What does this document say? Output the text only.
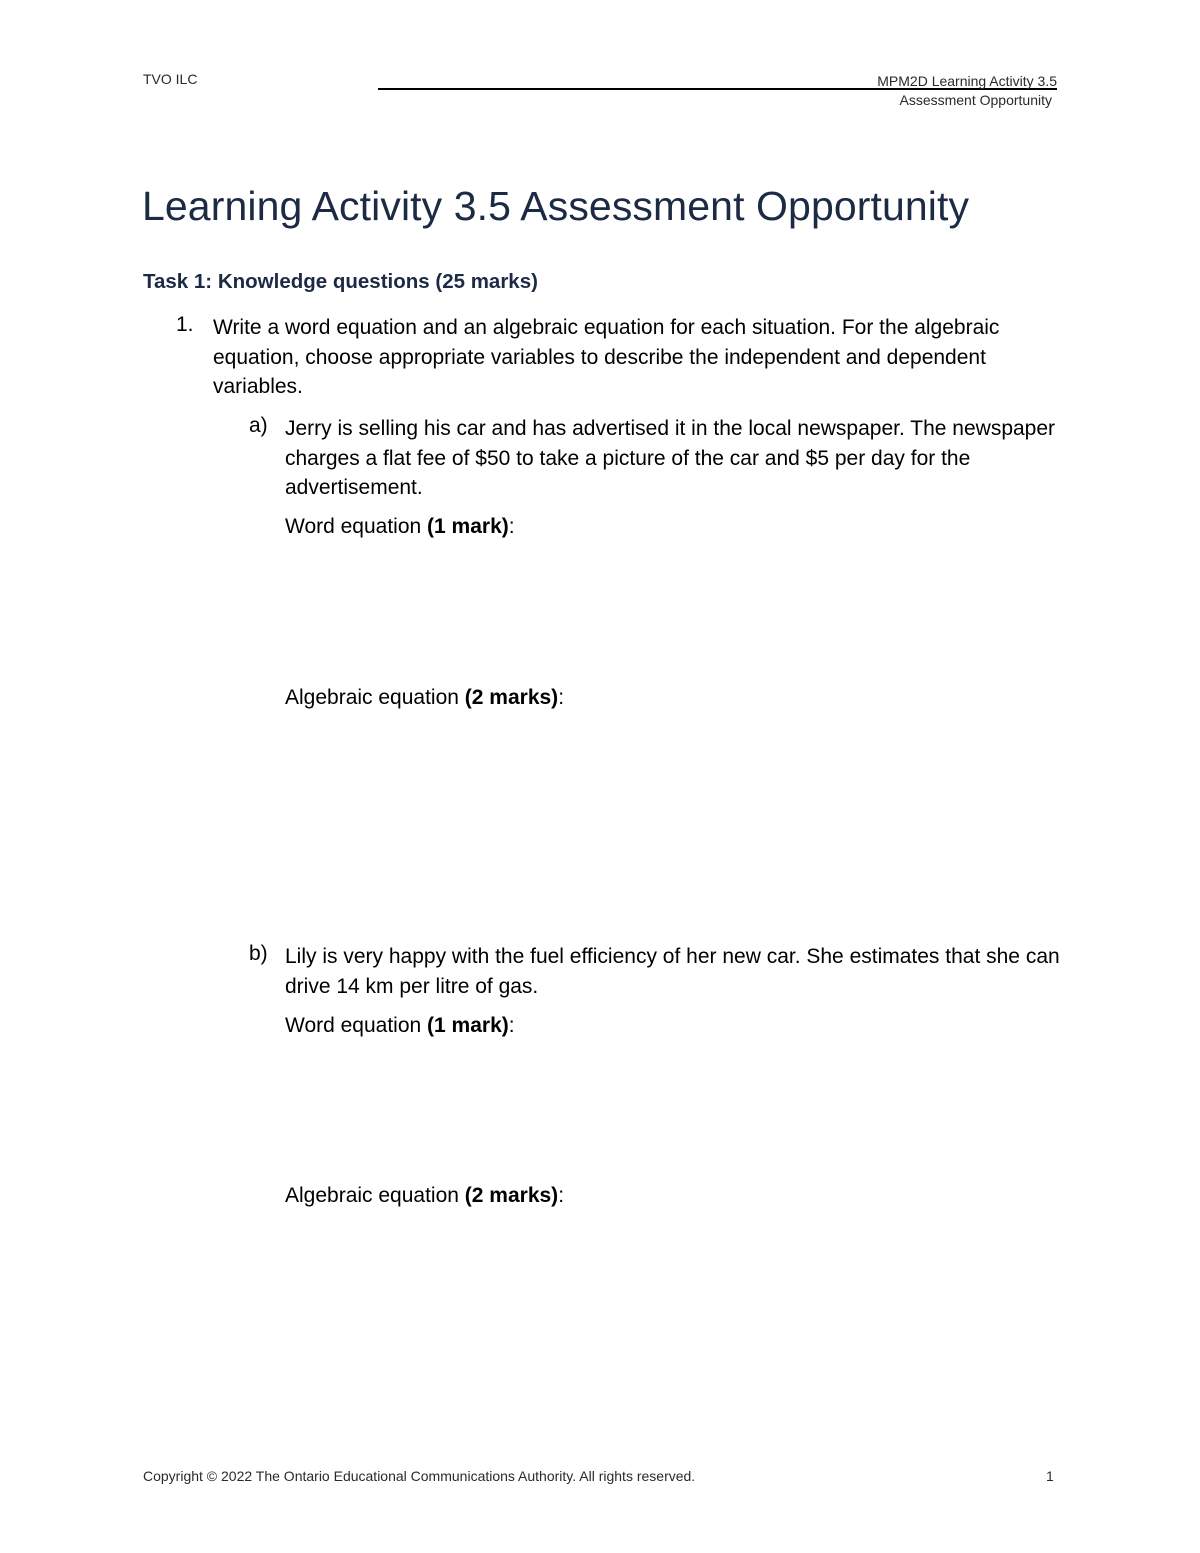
TVO ILC	MPM2D Learning Activity 3.5
Assessment Opportunity
Learning Activity 3.5 Assessment Opportunity
Task 1: Knowledge questions (25 marks)
1. Write a word equation and an algebraic equation for each situation. For the algebraic equation, choose appropriate variables to describe the independent and dependent variables.
a) Jerry is selling his car and has advertised it in the local newspaper. The newspaper charges a flat fee of $50 to take a picture of the car and $5 per day for the advertisement.
Word equation (1 mark):
Algebraic equation (2 marks):
b) Lily is very happy with the fuel efficiency of her new car. She estimates that she can drive 14 km per litre of gas.
Word equation (1 mark):
Algebraic equation (2 marks):
Copyright © 2022 The Ontario Educational Communications Authority. All rights reserved.	1
